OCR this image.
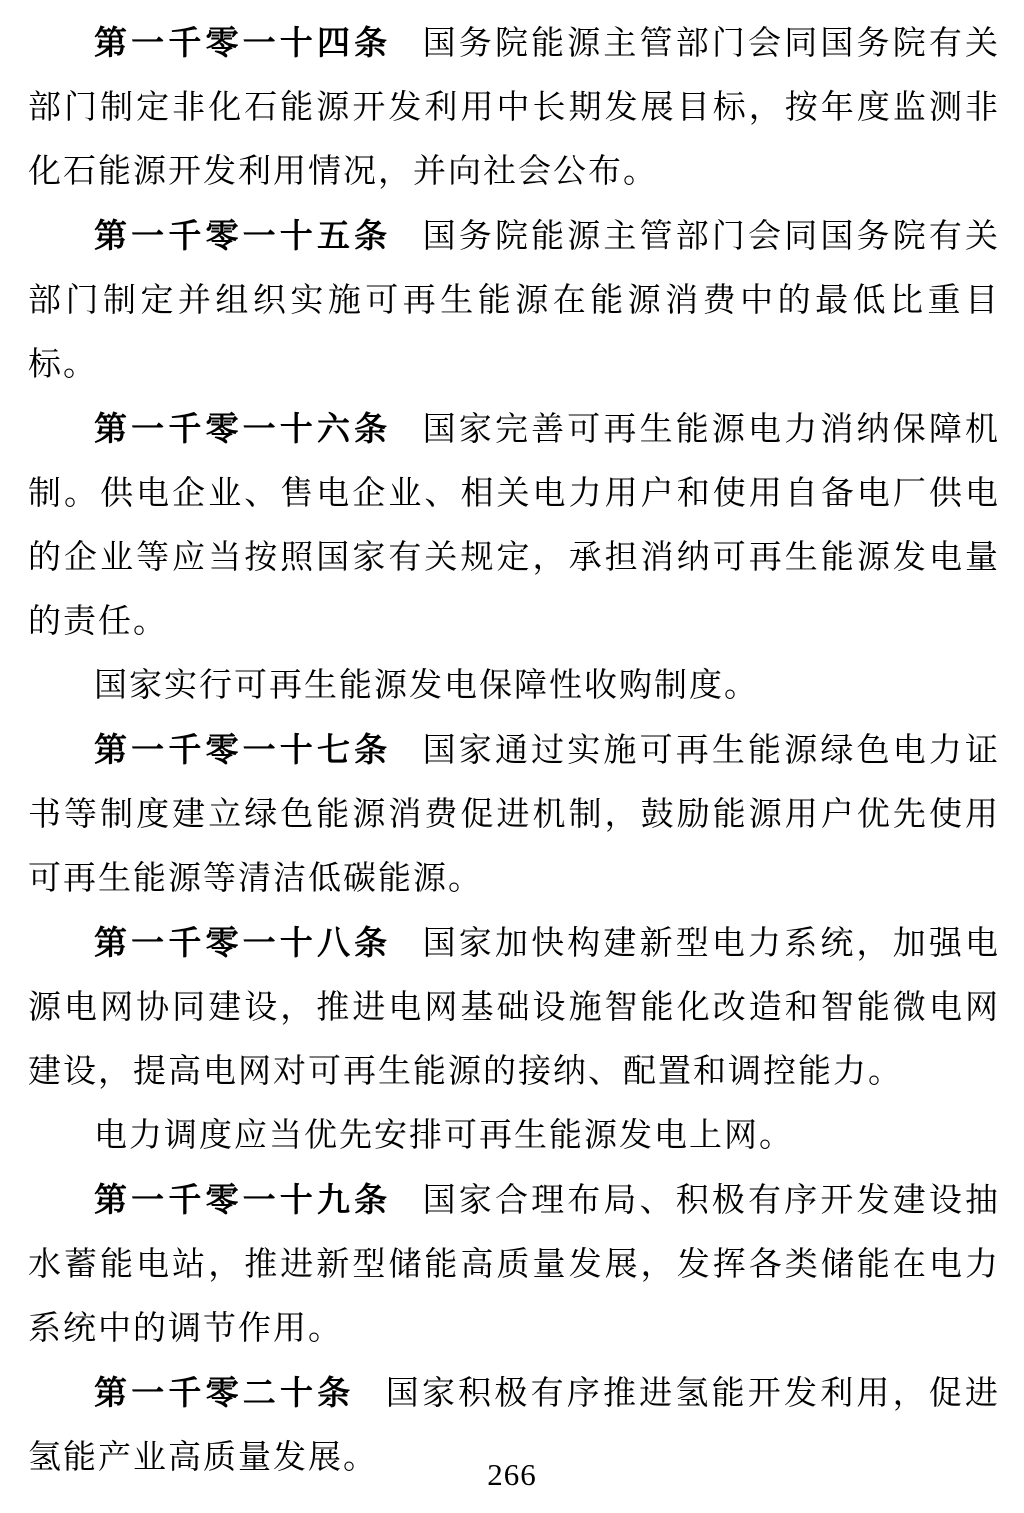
第一千零一十四条 国务院能源主管部门会同国务院有关部门制定非化石能源开发利用中长期发展目标，按年度监测非化石能源开发利用情况，并向社会公布。

第一千零一十五条 国务院能源主管部门会同国务院有关部门制定并组织实施可再生能源在能源消费中的最低比重目标。

第一千零一十六条 国家完善可再生能源电力消纳保障机制。供电企业、售电企业、相关电力用户和使用自备电厂供电的企业等应当按照国家有关规定，承担消纳可再生能源发电量的责任。

国家实行可再生能源发电保障性收购制度。

第一千零一十七条 国家通过实施可再生能源绿色电力证书等制度建立绿色能源消费促进机制，鼓励能源用户优先使用可再生能源等清洁低碳能源。

第一千零一十八条 国家加快构建新型电力系统，加强电源电网协同建设，推进电网基础设施智能化改造和智能微电网建设，提高电网对可再生能源的接纳、配置和调控能力。

电力调度应当优先安排可再生能源发电上网。

第一千零一十九条 国家合理布局、积极有序开发建设抽水蓄能电站，推进新型储能高质量发展，发挥各类储能在电力系统中的调节作用。

第一千零二十条 国家积极有序推进氢能开发利用，促进氢能产业高质量发展。	266
